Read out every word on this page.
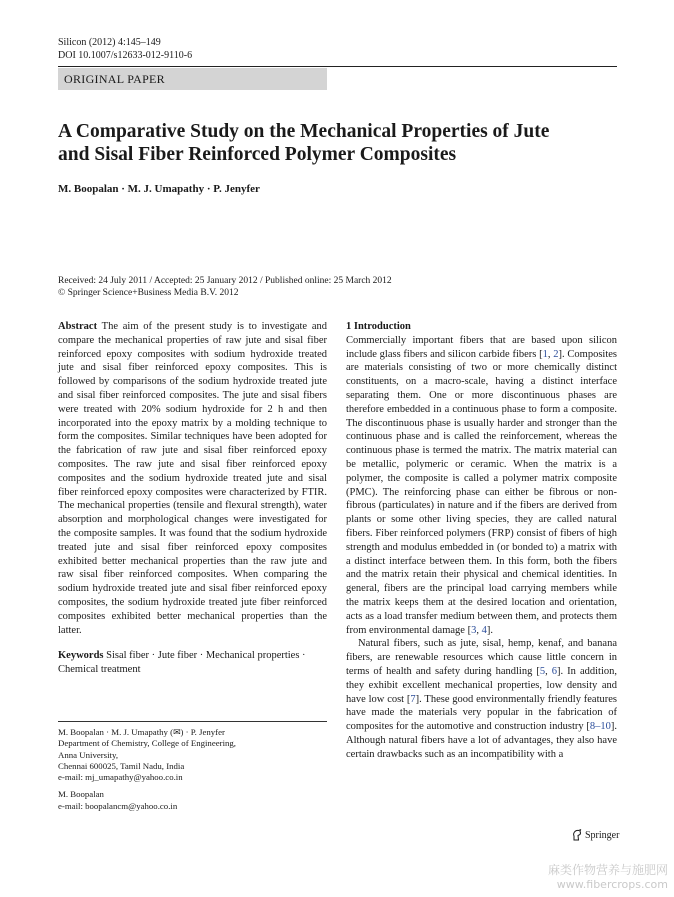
Silicon (2012) 4:145–149
DOI 10.1007/s12633-012-9110-6
ORIGINAL PAPER
A Comparative Study on the Mechanical Properties of Jute
and Sisal Fiber Reinforced Polymer Composites
M. Boopalan · M. J. Umapathy · P. Jenyfer
Received: 24 July 2011 / Accepted: 25 January 2012 / Published online: 25 March 2012
© Springer Science+Business Media B.V. 2012

Abstract The aim of the present study is to investigate and compare the mechanical properties of raw jute and sisal fiber reinforced epoxy composites with sodium hydroxide treated jute and sisal fiber reinforced epoxy composites. This is followed by comparisons of the sodium hydroxide treated jute and sisal fiber reinforced composites. The jute and sisal fibers were treated with 20% sodium hydroxide for 2 h and then incorporated into the epoxy matrix by a molding technique to form the composites. Similar techniques have been adopted for the fabrication of raw jute and sisal fiber reinforced epoxy composites. The raw jute and sisal fiber reinforced epoxy composites and the sodium hydroxide treated jute and sisal fiber reinforced epoxy composites were characterized by FTIR. The mechanical properties (tensile and flexural strength), water absorption and morphological changes were investigated for the composite samples. It was found that the sodium hydroxide treated jute and sisal fiber reinforced epoxy composites exhibited better mechanical properties than the raw jute and raw sisal fiber reinforced composites. When comparing the sodium hydroxide treated jute and sisal fiber reinforced epoxy composites, the sodium hydroxide treated jute fiber reinforced composites exhibited better mechanical properties than the latter.

Keywords Sisal fiber · Jute fiber · Mechanical properties · Chemical treatment

M. Boopalan · M. J. Umapathy (✉) · P. Jenyfer
Department of Chemistry, College of Engineering,
Anna University,
Chennai 600025, Tamil Nadu, India
e-mail: mj_umapathy@yahoo.co.in
M. Boopalan
e-mail: boopalancm@yahoo.co.in

1 Introduction

Commercially important fibers that are based upon silicon include glass fibers and silicon carbide fibers [1, 2]. Composites are materials consisting of two or more chemically distinct constituents, on a macro-scale, having a distinct interface separating them. One or more discontinuous phases are therefore embedded in a continuous phase to form a composite. The discontinuous phase is usually harder and stronger than the continuous phase and is called the reinforcement, whereas the continuous phase is termed the matrix. The matrix material can be metallic, polymeric or ceramic. When the matrix is a polymer, the composite is called a polymer matrix composite (PMC). The reinforcing phase can either be fibrous or non-fibrous (particulates) in nature and if the fibers are derived from plants or some other living species, they are called natural fibers. Fiber reinforced polymers (FRP) consist of fibers of high strength and modulus embedded in (or bonded to) a matrix with a distinct interface between them. In this form, both the fibers and the matrix retain their physical and chemical identities. In general, fibers are the principal load carrying members while the matrix keeps them at the desired location and orientation, acts as a load transfer medium between them, and protects them from environmental damage [3, 4].

Natural fibers, such as jute, sisal, hemp, kenaf, and banana fibers, are renewable resources which cause little concern in terms of health and safety during handling [5, 6]. In addition, they exhibit excellent mechanical properties, low density and have low cost [7]. These good environmentally friendly features have made the materials very popular in the fabrication of composites for the automotive and construction industry [8–10]. Although natural fibers have a lot of advantages, they also have certain drawbacks such as an incompatibility with a

Springer
麻类作物营养与施肥网
www.fibercrops.com
